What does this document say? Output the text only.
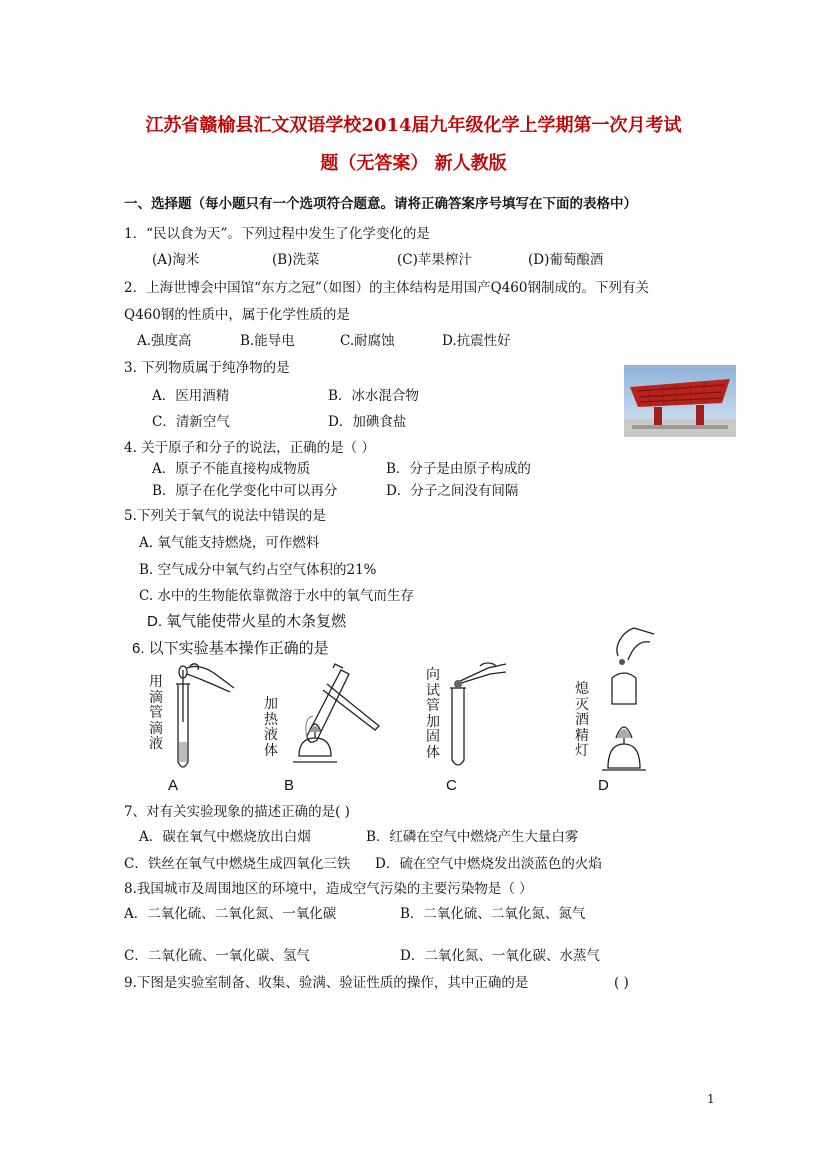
江苏省赣榆县汇文双语学校2014届九年级化学上学期第一次月考试
题（无答案） 新人教版
一、选择题（每小题只有一个选项符合题意。请将正确答案序号填写在下面的表格中）
1．“民以食为天”。下列过程中发生了化学变化的是
(A)淘米	(B)洗菜	(C)苹果榨汁	(D)葡萄酿酒
2．上海世博会中国馆“东方之冠”（如图）的主体结构是用国产Q460钢制成的。下列有关
Q460钢的性质中，属于化学性质的是
A.强度高	B.能导电	C.耐腐蚀	D.抗震性好
3. 下列物质属于纯净物的是
A．医用酒精	B．冰水混合物
C．清新空气	D．加碘食盐
4. 关于原子和分子的说法，正确的是（ ）
A．原子不能直接构成物质	B．分子是由原子构成的
B．原子在化学变化中可以再分	D．分子之间没有间隔
5.下列关于氧气的说法中错误的是
A. 氧气能支持燃烧，可作燃料
B. 空气成分中氧气约占空气体积的21%
C. 水中的生物能依靠微溶于水中的氧气而生存
D. 氧气能使带火星的木条复燃
6. 以下实验基本操作正确的是
用滴管滴液
加热液体
向试管加固体
熄灭酒精灯
A	B	C	D
7、对有关实验现象的描述正确的是( )
A．碳在氧气中燃烧放出白烟	B．红磷在空气中燃烧产生大量白雾
C．铁丝在氧气中燃烧生成四氧化三铁 D．硫在空气中燃烧发出淡蓝色的火焰
8.我国城市及周围地区的环境中，造成空气污染的主要污染物是（ ）
A．二氧化硫、二氧化氮、一氧化碳	B．二氧化硫、二氧化氮、氮气
C．二氧化硫、一氧化碳、氢气	D．二氧化氮、一氧化碳、水蒸气
9.下图是实验室制备、收集、验满、验证性质的操作，其中正确的是	( )
1
